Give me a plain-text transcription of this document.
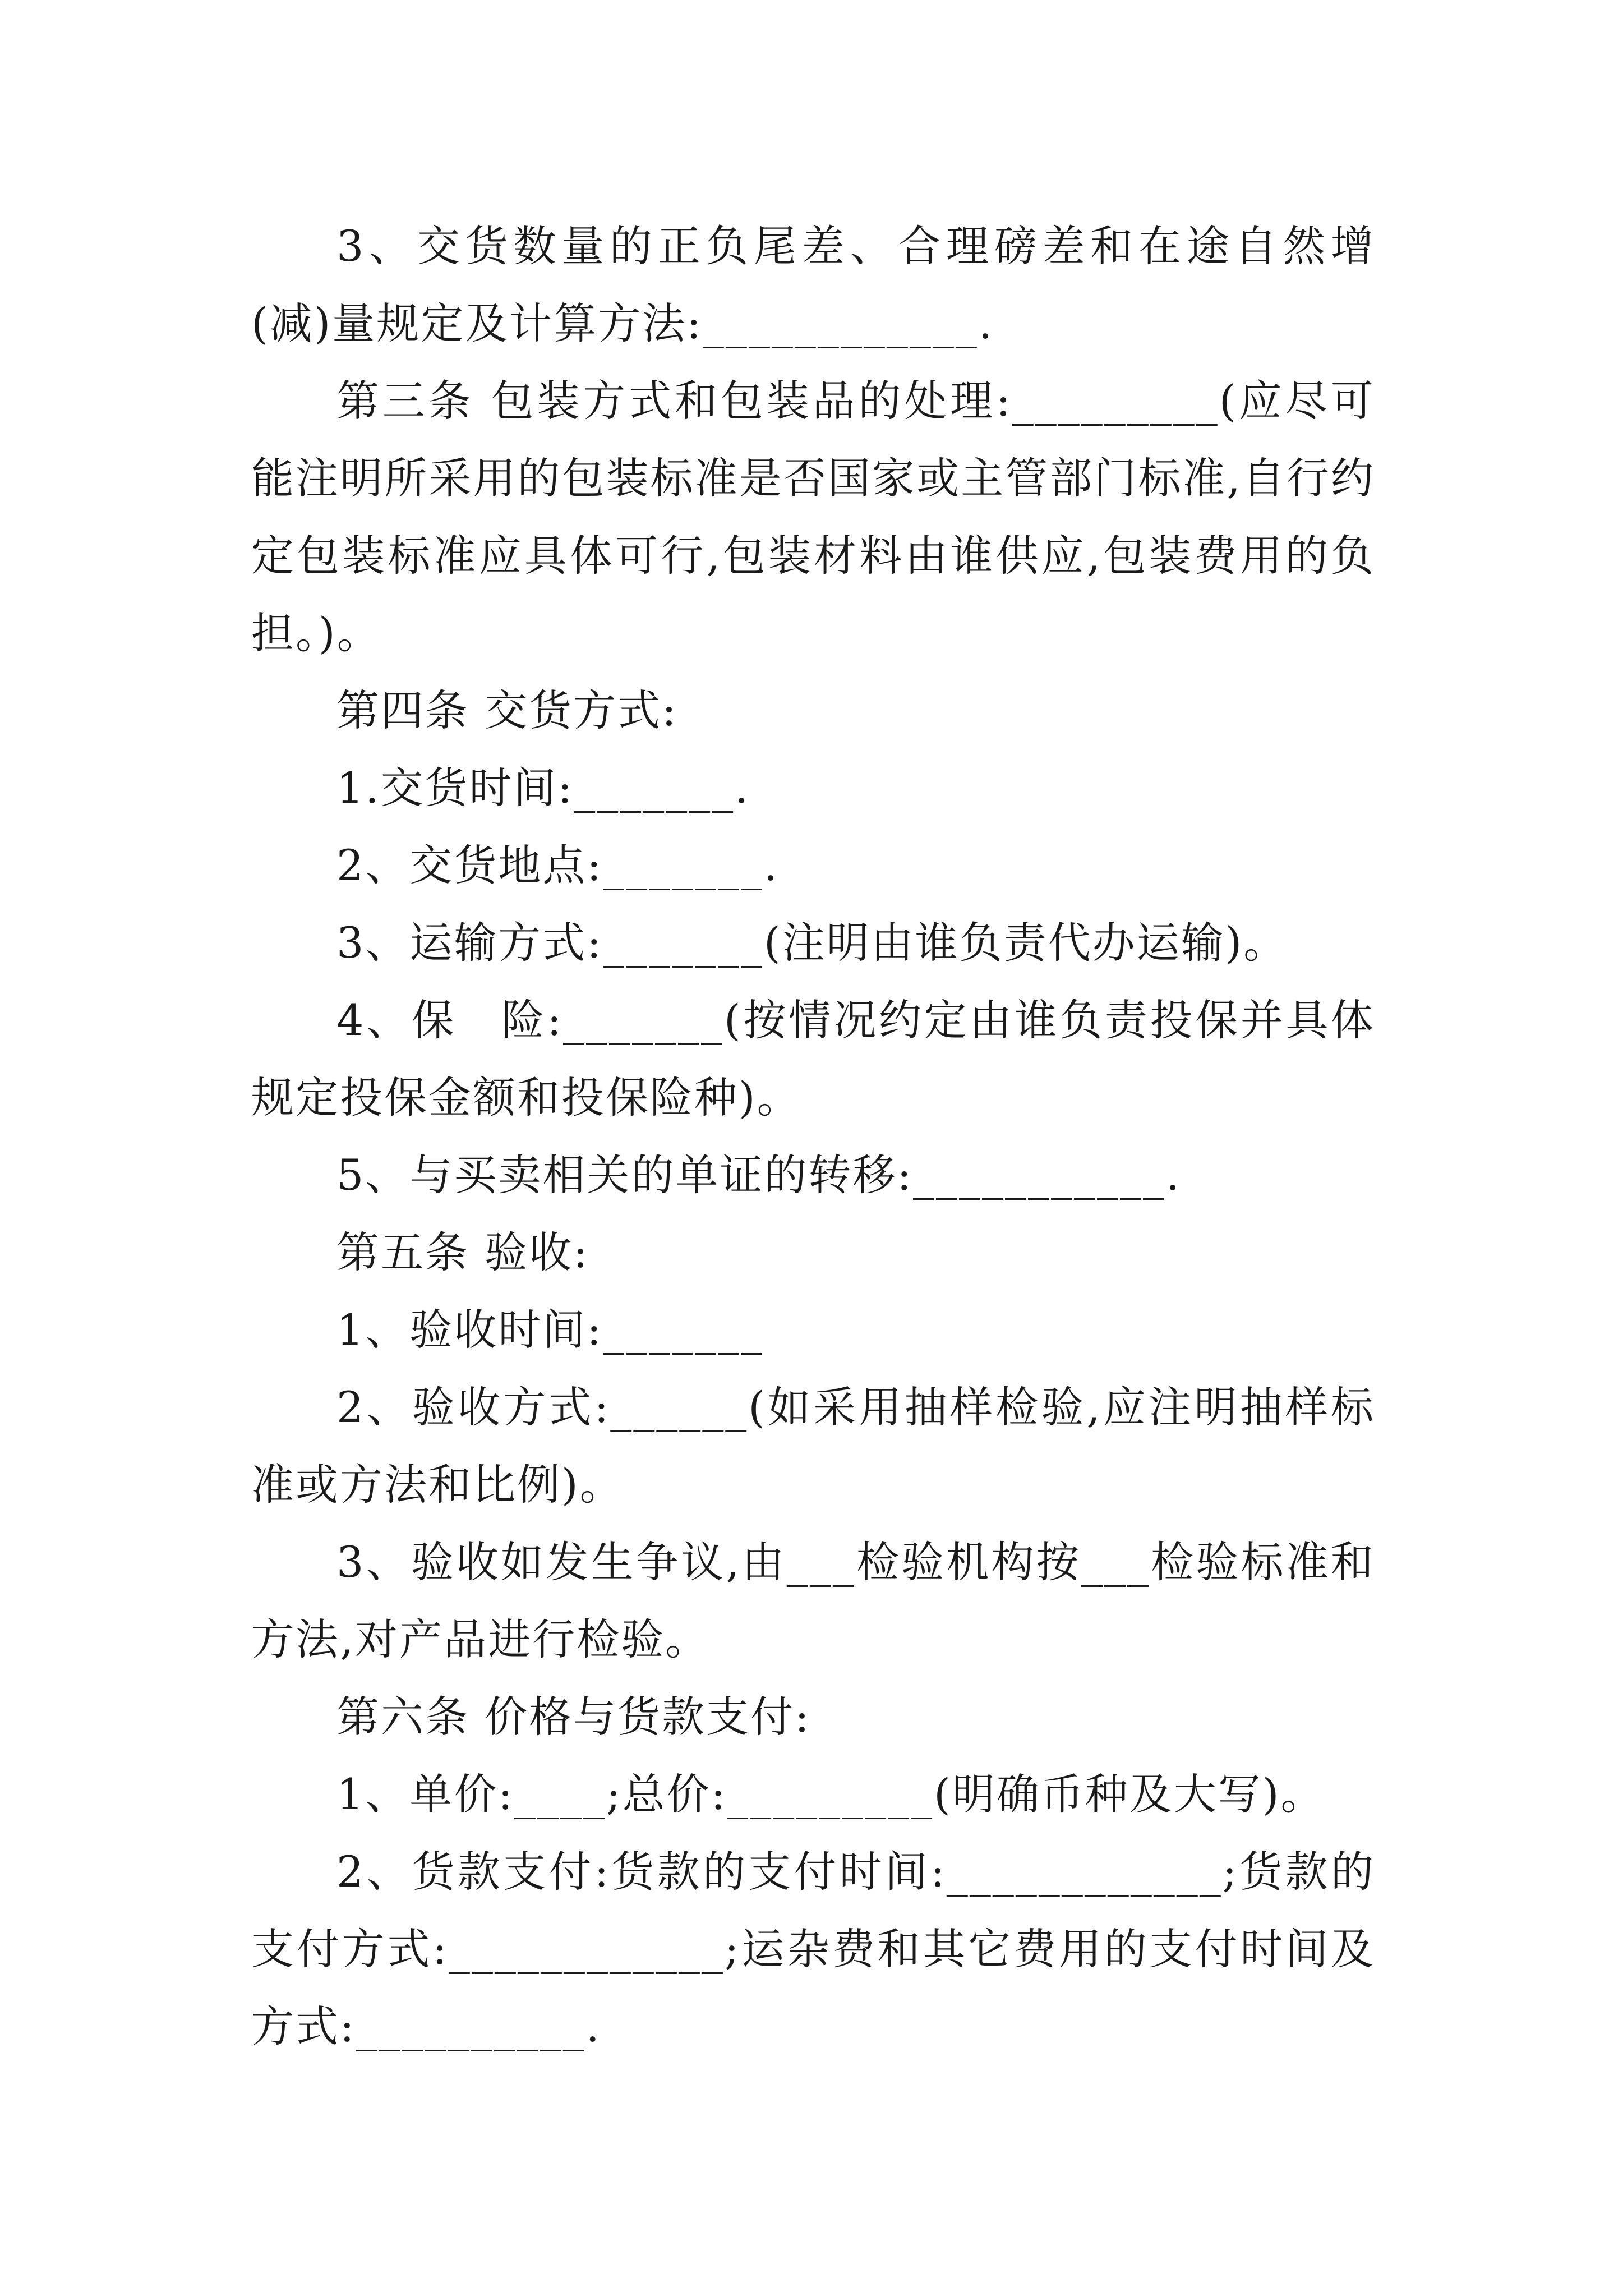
3、交货数量的正负尾差、合理磅差和在途自然增(减)量规定及计算方法:____________.

第三条 包装方式和包装品的处理:_________(应尽可能注明所采用的包装标准是否国家或主管部门标准,自行约定包装标准应具体可行,包装材料由谁供应,包装费用的负担。)。

第四条 交货方式:

1.交货时间:_______.

2、交货地点:_______.

3、运输方式:_______(注明由谁负责代办运输)。

4、保　险:_______(按情况约定由谁负责投保并具体规定投保金额和投保险种)。

5、与买卖相关的单证的转移:___________.

第五条 验收:

1、验收时间:_______

2、验收方式:______(如采用抽样检验,应注明抽样标准或方法和比例)。

3、验收如发生争议,由___检验机构按___检验标准和方法,对产品进行检验。

第六条 价格与货款支付:

1、单价:____;总价:_________(明确币种及大写)。

2、货款支付:货款的支付时间:____________;货款的支付方式:____________;运杂费和其它费用的支付时间及方式:__________.
